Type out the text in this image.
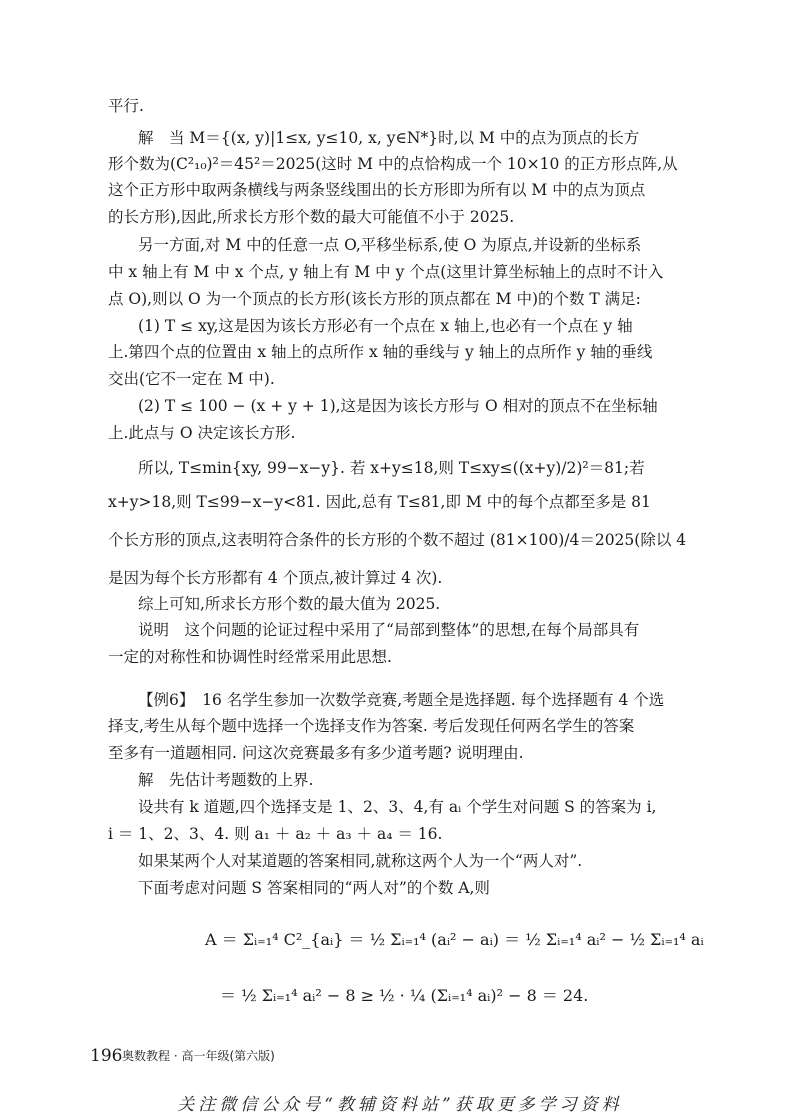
平行.
解　当 M＝{(x, y)|1≤x, y≤10, x, y∈N*}时,以 M 中的点为顶点的长方
形个数为(C²₁₀)²＝45²＝2025(这时 M 中的点恰构成一个 10×10 的正方形点阵,从
这个正方形中取两条横线与两条竖线围出的长方形即为所有以 M 中的点为顶点
的长方形),因此,所求长方形个数的最大可能值不小于 2025.
另一方面,对 M 中的任意一点 O,平移坐标系,使 O 为原点,并设新的坐标系
中 x 轴上有 M 中 x 个点, y 轴上有 M 中 y 个点(这里计算坐标轴上的点时不计入
点 O),则以 O 为一个顶点的长方形(该长方形的顶点都在 M 中)的个数 T 满足:
(1) T ≤ xy,这是因为该长方形必有一个点在 x 轴上,也必有一个点在 y 轴
上.第四个点的位置由 x 轴上的点所作 x 轴的垂线与 y 轴上的点所作 y 轴的垂线
交出(它不一定在 M 中).
(2) T ≤ 100 − (x + y + 1),这是因为该长方形与 O 相对的顶点不在坐标轴
上.此点与 O 决定该长方形.
所以, T≤min{xy, 99−x−y}. 若 x+y≤18,则 T≤xy≤((x+y)/2)²＝81;若
x+y>18,则 T≤99−x−y<81. 因此,总有 T≤81,即 M 中的每个点都至多是 81
个长方形的顶点,这表明符合条件的长方形的个数不超过 (81×100)/4＝2025(除以 4
是因为每个长方形都有 4 个顶点,被计算过 4 次).
综上可知,所求长方形个数的最大值为 2025.
说明　这个问题的论证过程中采用了“局部到整体”的思想,在每个局部具有
一定的对称性和协调性时经常采用此思想.
【例6】　16 名学生参加一次数学竞赛,考题全是选择题. 每个选择题有 4 个选
择支,考生从每个题中选择一个选择支作为答案. 考后发现任何两名学生的答案
至多有一道题相同. 问这次竞赛最多有多少道考题? 说明理由.
解　先估计考题数的上界.
设共有 k 道题,四个选择支是 1、2、3、4,有 aᵢ 个学生对问题 S 的答案为 i,
i ＝ 1、2、3、4. 则 a₁ ＋ a₂ ＋ a₃ ＋ a₄ ＝ 16.
如果某两个人对某道题的答案相同,就称这两个人为一个“两人对”.
下面考虑对问题 S 答案相同的“两人对”的个数 A,则
A ＝ Σᵢ₌₁⁴ C²_{aᵢ} ＝ ½ Σᵢ₌₁⁴ (aᵢ² − aᵢ) ＝ ½ Σᵢ₌₁⁴ aᵢ² − ½ Σᵢ₌₁⁴ aᵢ
＝ ½ Σᵢ₌₁⁴ aᵢ² − 8 ≥ ½ · ¼ (Σᵢ₌₁⁴ aᵢ)² − 8 ＝ 24.
196 奥数教程 · 高一年级(第六版)
关注微信公众号“教辅资料站”获取更多学习资料
